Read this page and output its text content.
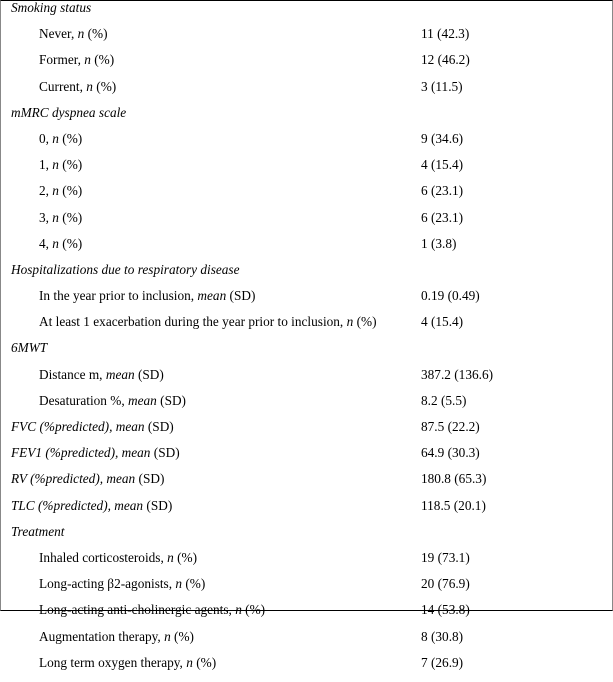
Smoking status	
Never, n (%)	11 (42.3)
Former, n (%)	12 (46.2)
Current, n (%)	3 (11.5)
mMRC dyspnea scale	
0, n (%)	9 (34.6)
1, n (%)	4 (15.4)
2, n (%)	6 (23.1)
3, n (%)	6 (23.1)
4, n (%)	1 (3.8)
Hospitalizations due to respiratory disease	
In the year prior to inclusion, mean (SD)	0.19 (0.49)
At least 1 exacerbation during the year prior to inclusion, n (%)	4 (15.4)
6MWT	
Distance m, mean (SD)	387.2 (136.6)
Desaturation %, mean (SD)	8.2 (5.5)
FVC (%predicted), mean (SD)	87.5 (22.2)
FEV1 (%predicted), mean (SD)	64.9 (30.3)
RV (%predicted), mean (SD)	180.8 (65.3)
TLC (%predicted), mean (SD)	118.5 (20.1)
Treatment	
Inhaled corticosteroids, n (%)	19 (73.1)
Long-acting β2-agonists, n (%)	20 (76.9)
Long-acting anti-cholinergic agents, n (%)	14 (53.8)
Augmentation therapy, n (%)	8 (30.8)
Long term oxygen therapy, n (%)	7 (26.9)
